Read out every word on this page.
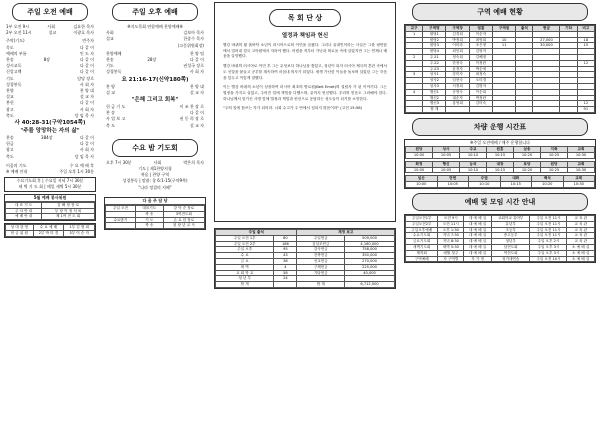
주일 오전 예배
1부 오전 9시	사회	김요한 목사
2부 오전 11시	설교	이광호 목사
주악(기도)	반주자
묵도	다 같 이
예배의 부름	인 도 자
찬송	8장	다 같 이
성시교독	다 같 이
신앙고백	다 같 이
기도	담당 장로
성경봉독	사 회 자
찬양	찬 양 대
설교	설 교 자
봉헌	다 같 이
광고	사 회 자
축도	담 임 목 사
사 40:28-31(구약1054쪽)
"주를 앙망하는 자의 삶"
찬송	384장	다 같 이
헌금	다 같 이
광고	사 회 자
축도	담 임 목 사
이음의 기도	수 요 예 배 후
※ 예배 안내	주일 오후 1시 30분
수요기도회 후 | 수요일 저녁 7시 30분
새 벽 기 도 회 | 매일 새벽 5시 30분
5월 예배 봉사위원
대 표 기 도	김 해 정 장 로
주 차 안 내	부 장 이 정 석 외
예 배 안 내	제 1여 전 도 회
성 대 강 영	수 요 예 배	1부 김 영 희
헌 금 위 원	2부 박 미 경	3부 이 순 자
주일 오후 예배
※지도목회 연합예배 찬양예배※
사회	김보아 목사
설교	한종수 목사
(고문위원회장)
찬양예배	찬 양 팀
찬송	28장	다 같 이
기도	권성국 장로
성경봉독	사 회 자
요 21:16-17(신약180쪽)
찬 양	찬 양 대
설 교	설 교 자
"은혜 그리고 회복"
헌 금 기 도	이 조 찬 장 로
찬 송	다 같 이
사 업 보 고	권 동 희 장 로
축 도	설 교 자
수요 밤 기도회
오후 7시 30분	사회	박은희 목사
기도 | 제1찬양지청
복음 | 찬양 구역
성경봉독 | 말씀: 창 6:1-15(구약9쪽)
"나라 정결의 지혜"
다 음 주 담 당
주일 오전	대표기도	강 덕 순 장로
	축 송	3여전도회
수요밤기	기 도	손 요 한 장로
	축 송	청 장 년 교 사
목 회 단 상
열정과 책임과 헌신

빨강 바퀴의 황 흙바닥 소년이 러시아으로의 이민을 꿈꿨다. 그러나 유대인이라는 사실은 그를 평안함에서 밀어내 결국 고아원에서 자라야 했다. 어렸을 적부터 가난과 외로움 속에 살았지만 그는 언제나 배움을 갈망했다.

빨강 바퀴의 러시아로 이민 후 그는 무엇보다 하나님을 찾았고, 청년이 되자 러시아 제국의 혼란 속에서도 신앙을 붙들고 공부를 계속하여 마침내 의사가 되었다. 평생 가난한 이들을 돌보며 살았던 그는 죽음을 앞두고 이렇게 말했다.

이는 빨강 바퀴의 소년이 성장하여 러시아 최초의 양로원(Beit Emet)의 설립자 가 된 이야기다. 그는 열정을 가지고 살았고, 주어진 일에 책임을 다했으며, 끝까지 헌신했다. 우리의 믿음도 그러해야 한다. 하나님께서 맡기신 사명 앞에 열정과 책임과 헌신으로 응답하는 성도들이 되기를 소망한다.

"주의 일에 힘쓰는 자가 되어라. 너희 수고가 주 안에서 헛되지 않음이라" (고전 15:58)

주일 출석		재정 보고	
주일 오전 1부	80	주일헌금	509,000
주일 오전 2부	186	십일조헌금	4,160,000
주일 오후	95	감사헌금	758,000
수 요	43	건축헌금	350,000
금 요	38	선교헌금	270,000
새 벽	4	구제헌금	225,000
교 회 학 교	58	기타헌금	40,000
청 년 부	24		
합 계		합 계	6,712,000
구역 예배 현황
교구	구역명	구역장	권찰	구역원	출석	헌금	기타	비고
1	원당1	김경희	이순자					
	원당2	박정희	최영희	10		27,000		18
	원당3	이미라	조은정	11		30,000		15
	원당4	최인희	김영자					
2	주교1	정숙희	김해정					
	주교2	한정숙	이정란					12
	주교3	윤정자	박순애					
3	성사1	강미자	최정숙					
	성사2	임현숙	오미경					
	성사3	서정희	김명자					
4	행신1	송영숙	이순희					
	행신2	권순자	박정란					
	행신3	홍영희	김미숙					12
	합 계							91
차량 운행 시간표
※주일 오전예배 / 매주 운행합니다
원당	성사	주교	원흥	삼송	지축	교회
10:00	10:05	10:10	10:15	10:20	10:25	10:30
화정	행신	능곡	대장	토당	원당	교회
10:00	10:05	10:10	10:15	10:20	10:25	10:30
일산	탄현	주엽	대화	백석	교회
10:00	10:05	10:10	10:15	10:20	10:30
예배 및 모임 시간 안내
주일오전1부	오전 9시	대 예 배 실	교회학교 유아부	주일 오전 11시	교 육 관
주일오전2부	오전 11시	대 예 배 실	유년부	주일 오전 11시	교 육 관
주일오후예배	오후 1:30	대 예 배 실	초등부	주일 오전 11시	교 육 관
수요기도회	저녁 7:30	대 예 배 실	중고등부	주일 오전 11시	교 육 관
금요기도회	저녁 8:30	대 예 배 실	청년부	주일 오후 2시	교 육 관
새벽기도회	새벽 5:30	대 예 배 실	남전도회	주일 오후 3시	소 예 배 실
제직회	매월 첫주	대 예 배 실	여전도회	주일 오후 3시	소 예 배 실
구역예배	각 구역별	각 가 정	성가대연습	주일 오전 10시	소 예 배 실
